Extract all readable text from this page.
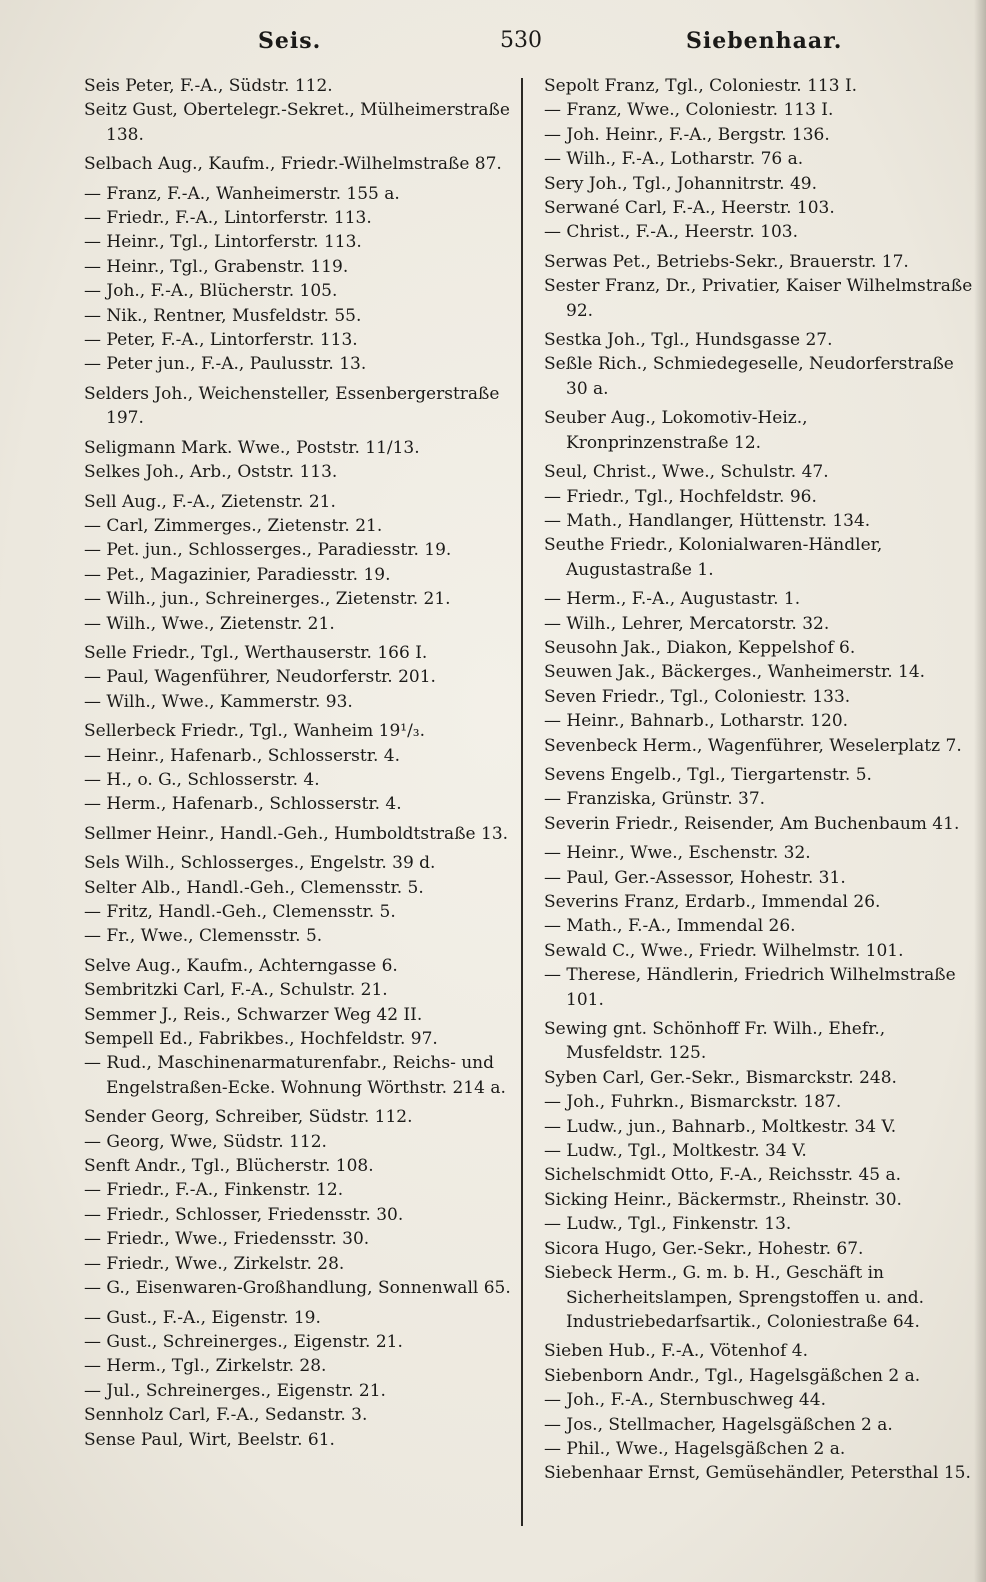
Seis.	530	Siebenhaar.

Seis Peter, F.-A., Südstr. 112.

Seitz Gust, Obertelegr.-Sekret., Mülheimerstraße 138.

Selbach Aug., Kaufm., Friedr.-Wilhelmstraße 87.

— Franz, F.-A., Wanheimerstr. 155 a.

— Friedr., F.-A., Lintorferstr. 113.

— Heinr., Tgl., Lintorferstr. 113.

— Heinr., Tgl., Grabenstr. 119.

— Joh., F.-A., Blücherstr. 105.

— Nik., Rentner, Musfeldstr. 55.

— Peter, F.-A., Lintorferstr. 113.

— Peter jun., F.-A., Paulusstr. 13.

Selders Joh., Weichensteller, Essenbergerstraße 197.

Seligmann Mark. Wwe., Poststr. 11/13.

Selkes Joh., Arb., Oststr. 113.

Sell Aug., F.-A., Zietenstr. 21.

— Carl, Zimmerges., Zietenstr. 21.

— Pet. jun., Schlosserges., Paradiesstr. 19.

— Pet., Magazinier, Paradiesstr. 19.

— Wilh., jun., Schreinerges., Zietenstr. 21.

— Wilh., Wwe., Zietenstr. 21.

Selle Friedr., Tgl., Werthauserstr. 166 I.

— Paul, Wagenführer, Neudorferstr. 201.

— Wilh., Wwe., Kammerstr. 93.

Sellerbeck Friedr., Tgl., Wanheim 19¹/₃.

— Heinr., Hafenarb., Schlosserstr. 4.

— H., o. G., Schlosserstr. 4.

— Herm., Hafenarb., Schlosserstr. 4.

Sellmer Heinr., Handl.-Geh., Humboldtstraße 13.

Sels Wilh., Schlosserges., Engelstr. 39 d.

Selter Alb., Handl.-Geh., Clemensstr. 5.

— Fritz, Handl.-Geh., Clemensstr. 5.

— Fr., Wwe., Clemensstr. 5.

Selve Aug., Kaufm., Achterngasse 6.

Sembritzki Carl, F.-A., Schulstr. 21.

Semmer J., Reis., Schwarzer Weg 42 II.

Sempell Ed., Fabrikbes., Hochfeldstr. 97.

— Rud., Maschinenarmaturenfabr., Reichs- und Engelstraßen-Ecke. Wohnung Wörthstr. 214 a.

Sender Georg, Schreiber, Südstr. 112.

— Georg, Wwe, Südstr. 112.

Senft Andr., Tgl., Blücherstr. 108.

— Friedr., F.-A., Finkenstr. 12.

— Friedr., Schlosser, Friedensstr. 30.

— Friedr., Wwe., Friedensstr. 30.

— Friedr., Wwe., Zirkelstr. 28.

— G., Eisenwaren-Großhandlung, Sonnenwall 65.

— Gust., F.-A., Eigenstr. 19.

— Gust., Schreinerges., Eigenstr. 21.

— Herm., Tgl., Zirkelstr. 28.

— Jul., Schreinerges., Eigenstr. 21.

Sennholz Carl, F.-A., Sedanstr. 3.

Sense Paul, Wirt, Beelstr. 61.

Sepolt Franz, Tgl., Coloniestr. 113 I.

— Franz, Wwe., Coloniestr. 113 I.

— Joh. Heinr., F.-A., Bergstr. 136.

— Wilh., F.-A., Lotharstr. 76 a.

Sery Joh., Tgl., Johannitrstr. 49.

Serwané Carl, F.-A., Heerstr. 103.

— Christ., F.-A., Heerstr. 103.

Serwas Pet., Betriebs-Sekr., Brauerstr. 17.

Sester Franz, Dr., Privatier, Kaiser Wilhelmstraße 92.

Sestka Joh., Tgl., Hundsgasse 27.

Seßle Rich., Schmiedegeselle, Neudorferstraße 30 a.

Seuber Aug., Lokomotiv-Heiz., Kronprinzenstraße 12.

Seul, Christ., Wwe., Schulstr. 47.

— Friedr., Tgl., Hochfeldstr. 96.

— Math., Handlanger, Hüttenstr. 134.

Seuthe Friedr., Kolonialwaren-Händler, Augustastraße 1.

— Herm., F.-A., Augustastr. 1.

— Wilh., Lehrer, Mercatorstr. 32.

Seusohn Jak., Diakon, Keppelshof 6.

Seuwen Jak., Bäckerges., Wanheimerstr. 14.

Seven Friedr., Tgl., Coloniestr. 133.

— Heinr., Bahnarb., Lotharstr. 120.

Sevenbeck Herm., Wagenführer, Weselerplatz 7.

Sevens Engelb., Tgl., Tiergartenstr. 5.

— Franziska, Grünstr. 37.

Severin Friedr., Reisender, Am Buchenbaum 41.

— Heinr., Wwe., Eschenstr. 32.

— Paul, Ger.-Assessor, Hohestr. 31.

Severins Franz, Erdarb., Immendal 26.

— Math., F.-A., Immendal 26.

Sewald C., Wwe., Friedr. Wilhelmstr. 101.

— Therese, Händlerin, Friedrich Wilhelmstraße 101.

Sewing gnt. Schönhoff Fr. Wilh., Ehefr., Musfeldstr. 125.

Syben Carl, Ger.-Sekr., Bismarckstr. 248.

— Joh., Fuhrkn., Bismarckstr. 187.

— Ludw., jun., Bahnarb., Moltkestr. 34 V.

— Ludw., Tgl., Moltkestr. 34 V.

Sichelschmidt Otto, F.-A., Reichsstr. 45 a.

Sicking Heinr., Bäckermstr., Rheinstr. 30.

— Ludw., Tgl., Finkenstr. 13.

Sicora Hugo, Ger.-Sekr., Hohestr. 67.

Siebeck Herm., G. m. b. H., Geschäft in Sicherheitslampen, Sprengstoffen u. and. Industriebedarfsartik., Coloniestraße 64.

Sieben Hub., F.-A., Vötenhof 4.

Siebenborn Andr., Tgl., Hagelsgäßchen 2 a.

— Joh., F.-A., Sternbuschweg 44.

— Jos., Stellmacher, Hagelsgäßchen 2 a.

— Phil., Wwe., Hagelsgäßchen 2 a.

Siebenhaar Ernst, Gemüsehändler, Petersthal 15.
